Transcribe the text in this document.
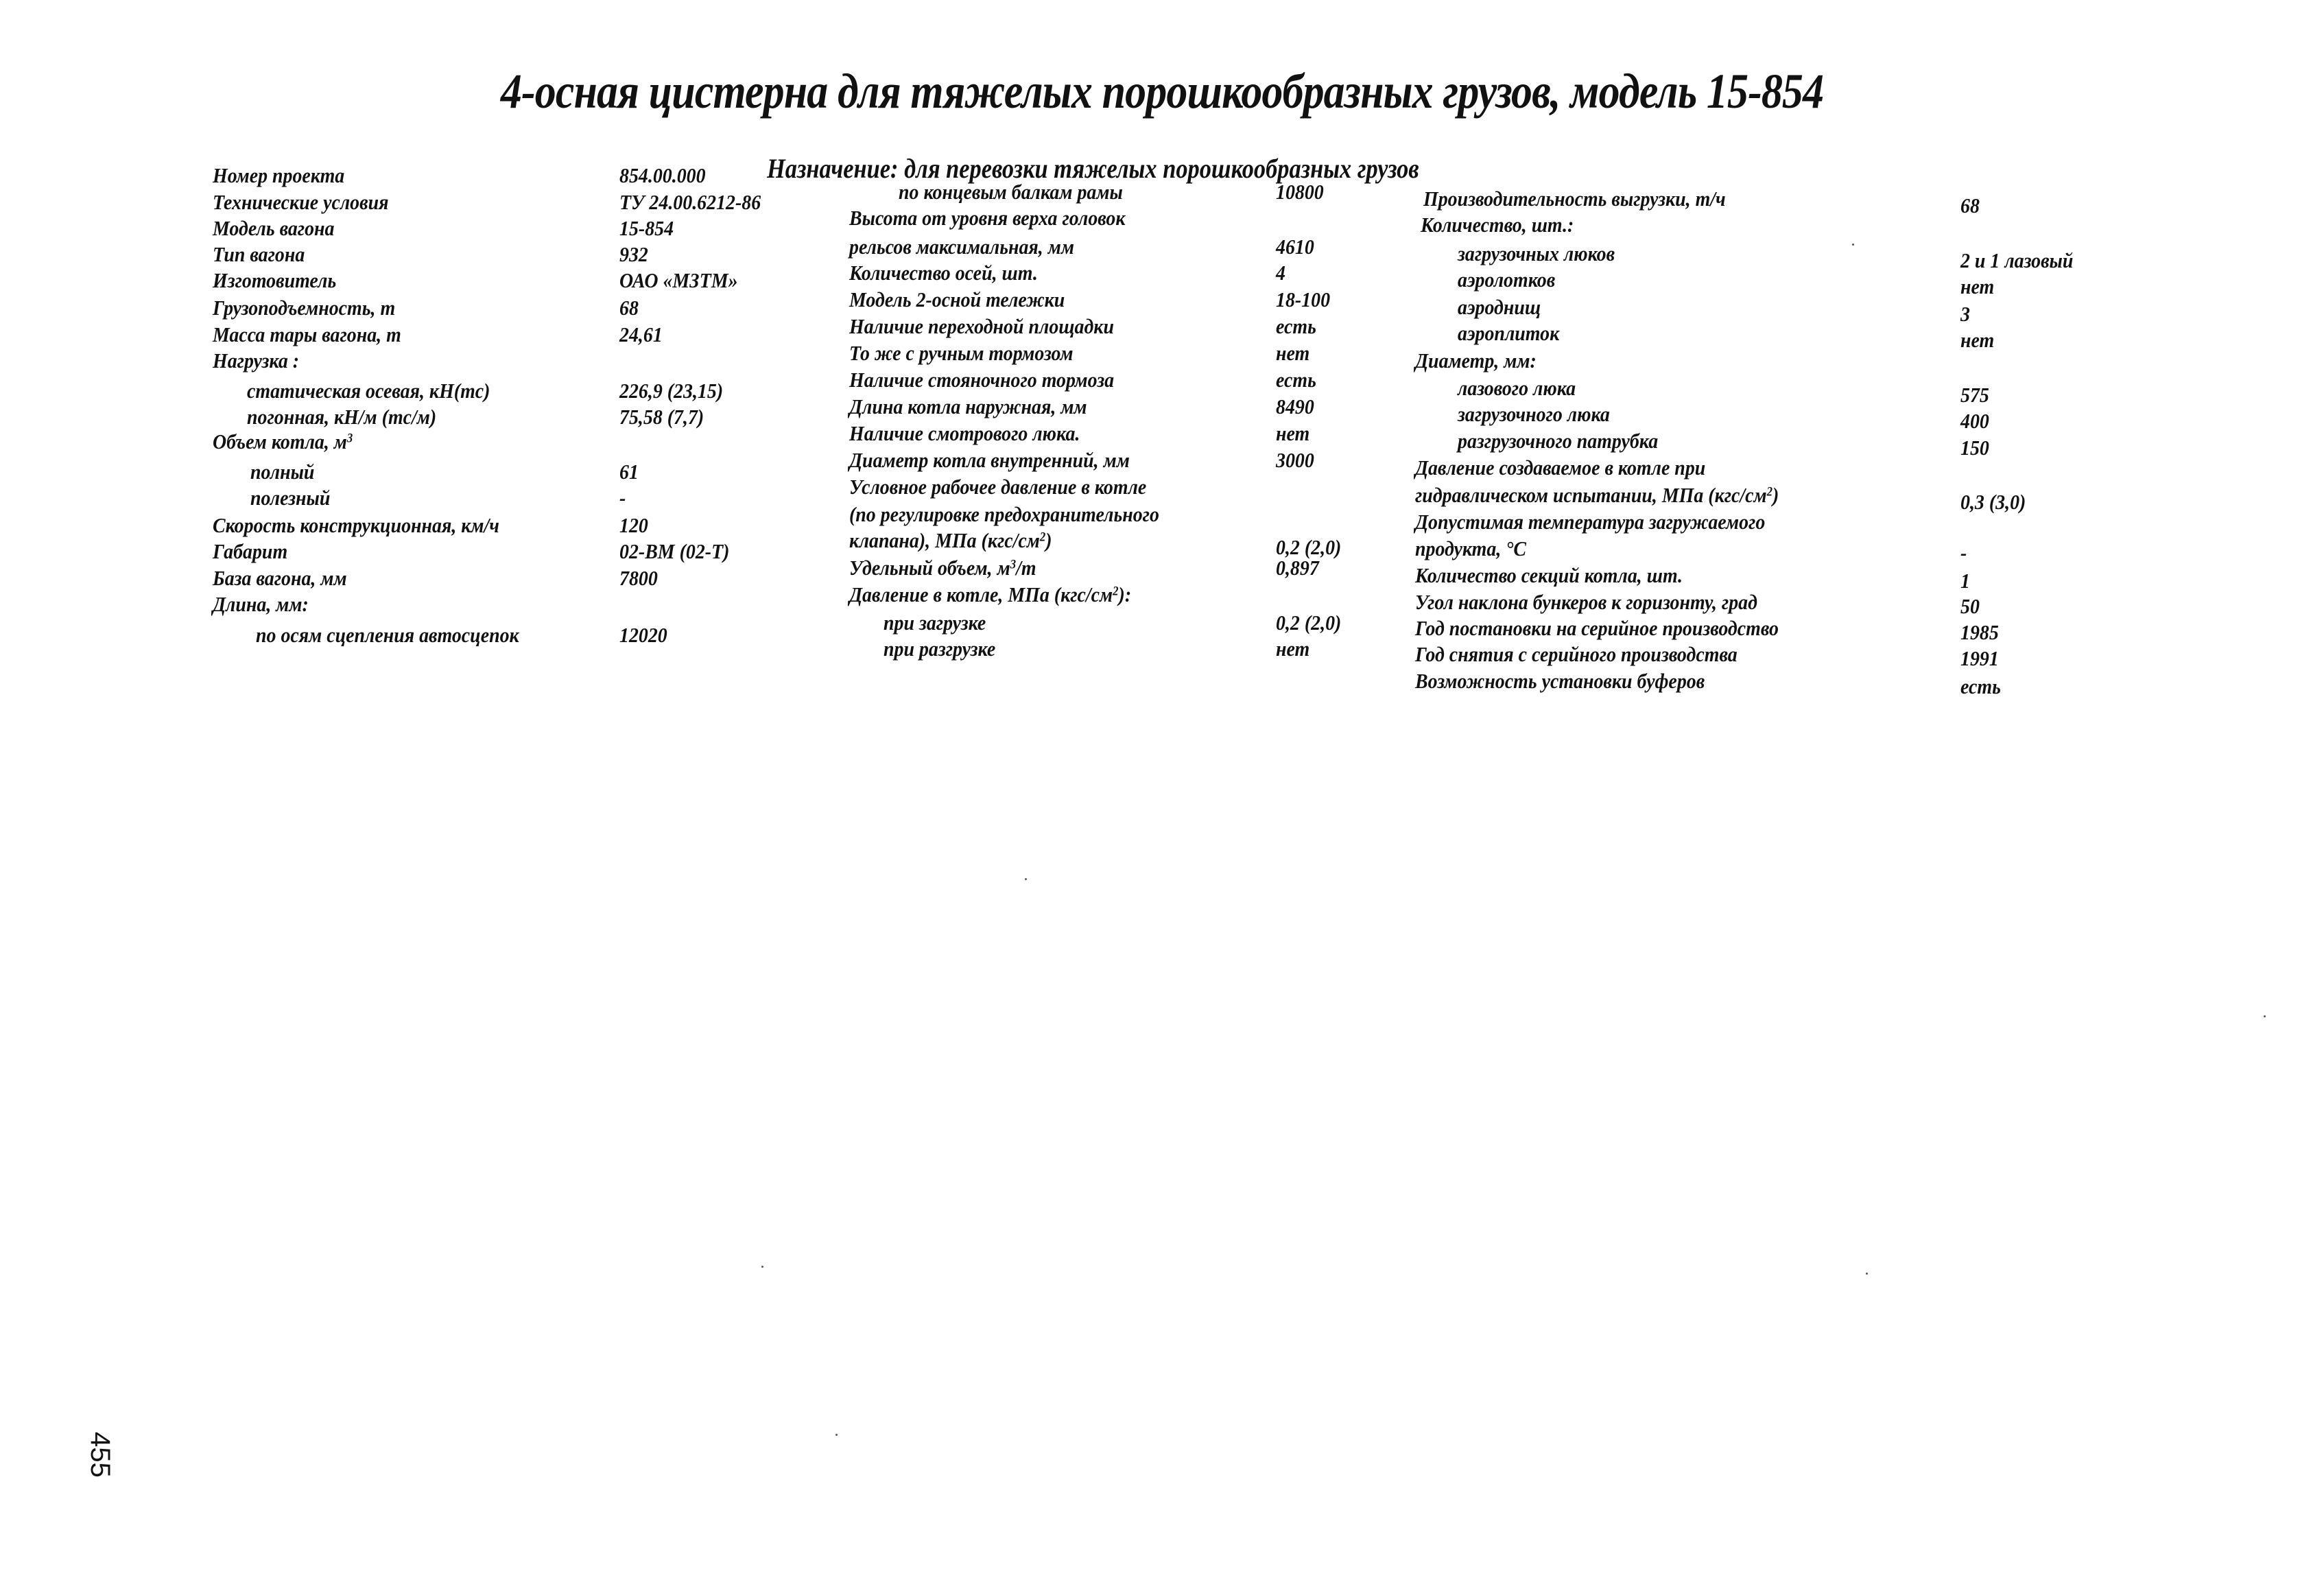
4-осная цистерна для тяжелых порошкообразных грузов, модель 15-854
Назначение: для перевозки тяжелых порошкообразных грузов
Номер проекта	854.00.000
Технические условия	ТУ 24.00.6212-86
Модель вагона	15-854
Тип вагона	932
Изготовитель	ОАО «МЗТМ»
Грузоподъемность, т	68
Масса тары вагона, т	24,61
Нагрузка :
статическая осевая, кН(тс)	226,9 (23,15)
погонная, кН/м (тс/м)	75,58 (7,7)
Объем котла, $м^3$
полный	61
полезный	-
Скорость конструкционная, км/ч	120
Габарит	02-ВМ (02-Т)
База вагона, мм	7800
Длина, мм:
по осям сцепления автосцепок	12020
по концевым балкам рамы	10800
Высота от уровня верха головок
рельсов максимальная, мм	4610
Количество осей, шт.	4
Модель 2-осной тележки	18-100
Наличие переходной площадки	есть
То же с ручным тормозом	нет
Наличие стояночного тормоза	есть
Длина котла наружная, мм	8490
Наличие смотрового люка.	нет
Диаметр котла внутренний, мм	3000
Условное рабочее давление в котле
(по регулировке предохранительного
клапана), МПа $(кгс/см^2)$	0,2 (2,0)
Удельный объем, $м^3/т$	0,897
Давление в котле, МПа $(кгс/см^2)$:
при загрузке	0,2 (2,0)
при разгрузке	нет
Производительность выгрузки, т/ч	68
Количество, шт.:
загрузочных люков	2 и 1 лазовый
аэролотков	нет
аэроднищ	3
аэроплиток	нет
Диаметр, мм:
лазового люка	575
загрузочного люка	400
разгрузочного патрубка	150
Давление создаваемое в котле при
гидравлическом испытании, МПа $(кгс/см^2)$	0,3 (3,0)
Допустимая температура загружаемого
продукта, °С	-
Количество секций котла, шт.	1
Угол наклона бункеров к горизонту, град	50
Год постановки на серийное производство	1985
Год снятия с серийного производства	1991
Возможность установки буферов	есть
455
